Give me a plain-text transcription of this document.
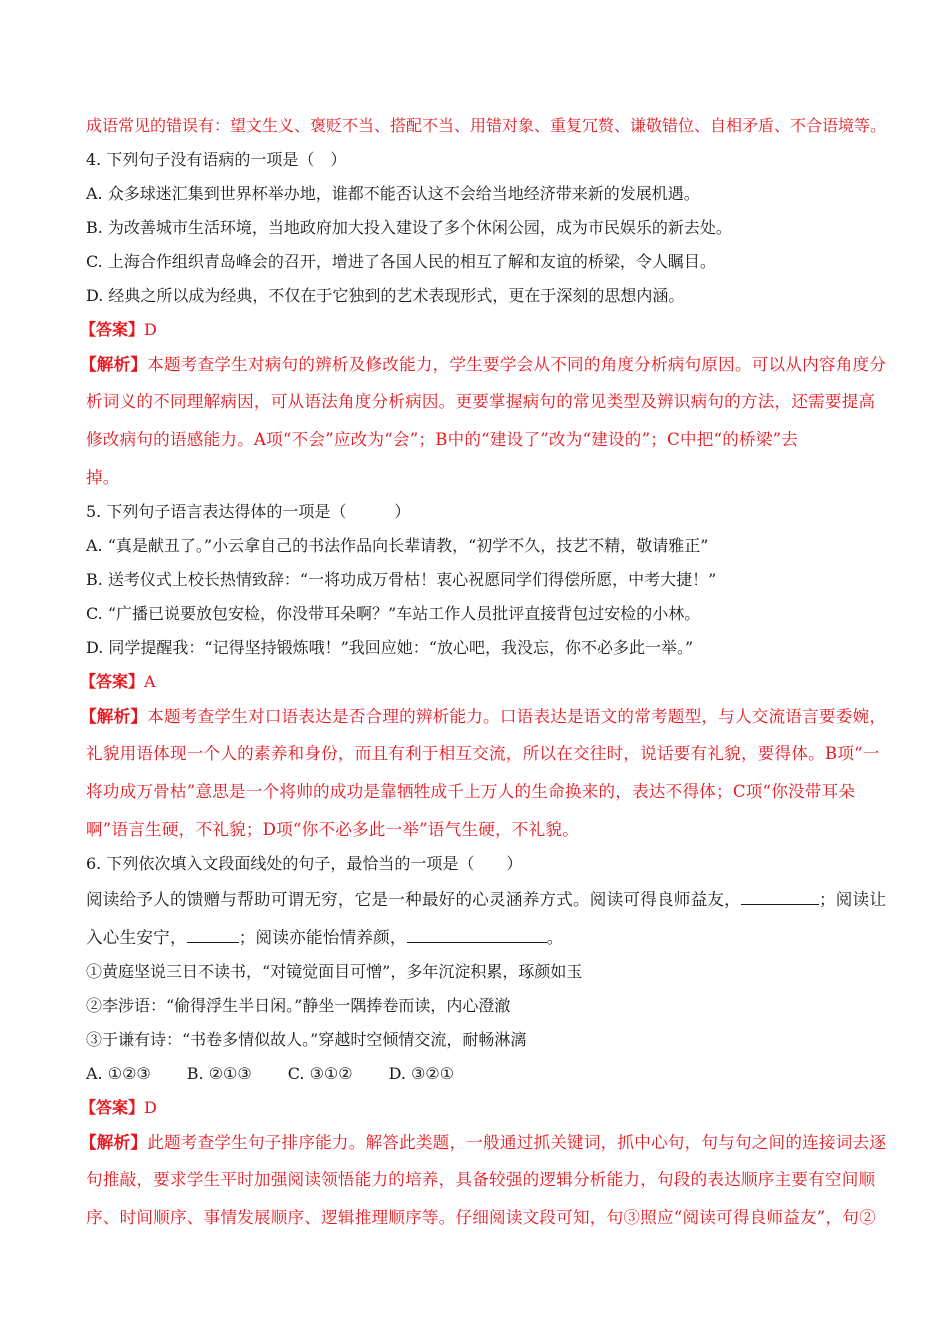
成语常见的错误有：望文生义、褒贬不当、搭配不当、用错对象、重复冗赘、谦敬错位、自相矛盾、不合语境等。
4. 下列句子没有语病的一项是（　）
A. 众多球迷汇集到世界杯举办地，谁都不能否认这不会给当地经济带来新的发展机遇。
B. 为改善城市生活环境，当地政府加大投入建设了多个休闲公园，成为市民娱乐的新去处。
C. 上海合作组织青岛峰会的召开，增进了各国人民的相互了解和友谊的桥梁，令人瞩目。
D. 经典之所以成为经典，不仅在于它独到的艺术表现形式，更在于深刻的思想内涵。
【答案】D
【解析】本题考查学生对病句的辨析及修改能力，学生要学会从不同的角度分析病句原因。可以从内容角度分
析词义的不同理解病因，可从语法角度分析病因。更要掌握病句的常见类型及辨识病句的方法，还需要提高
修改病句的语感能力。A项“不会”应改为“会”；B中的“建设了”改为“建设的”；C中把“的桥梁”去
掉。
5. 下列句子语言表达得体的一项是（　　　）
A. “真是献丑了。”小云拿自己的书法作品向长辈请教，“初学不久，技艺不精，敬请雅正”
B. 送考仪式上校长热情致辞：“一将功成万骨枯！衷心祝愿同学们得偿所愿，中考大捷！”
C. “广播已说要放包安检，你没带耳朵啊？”车站工作人员批评直接背包过安检的小林。
D. 同学提醒我：“记得坚持锻炼哦！”我回应她：“放心吧，我没忘，你不必多此一举。”
【答案】A
【解析】本题考查学生对口语表达是否合理的辨析能力。口语表达是语文的常考题型，与人交流语言要委婉，
礼貌用语体现一个人的素养和身份，而且有利于相互交流，所以在交往时，说话要有礼貌，要得体。B项“一
将功成万骨枯”意思是一个将帅的成功是靠牺牲成千上万人的生命换来的，表达不得体；C项“你没带耳朵
啊”语言生硬，不礼貌；D项“你不必多此一举”语气生硬，不礼貌。
6. 下列依次填入文段面线处的句子，最恰当的一项是（　　）
阅读给予人的馈赠与帮助可谓无穷，它是一种最好的心灵涵养方式。阅读可得良师益友，	；阅读让
入心生安宁，	；阅读亦能怡情养颜，	。
①黄庭坚说三日不读书，“对镜觉面目可憎”，多年沉淀积累，琢颜如玉
②李涉语：“偷得浮生半日闲。”静坐一隅捧卷而读，内心澄澈
③于谦有诗：“书卷多情似故人。”穿越时空倾情交流，耐畅淋漓
A. ①②③ B. ②①③ C. ③①② D. ③②①
【答案】D
【解析】此题考查学生句子排序能力。解答此类题，一般通过抓关键词，抓中心句，句与句之间的连接词去逐
句推敲，要求学生平时加强阅读领悟能力的培养，具备较强的逻辑分析能力，句段的表达顺序主要有空间顺
序、时间顺序、事情发展顺序、逻辑推理顺序等。仔细阅读文段可知，句③照应“阅读可得良师益友”，句②
